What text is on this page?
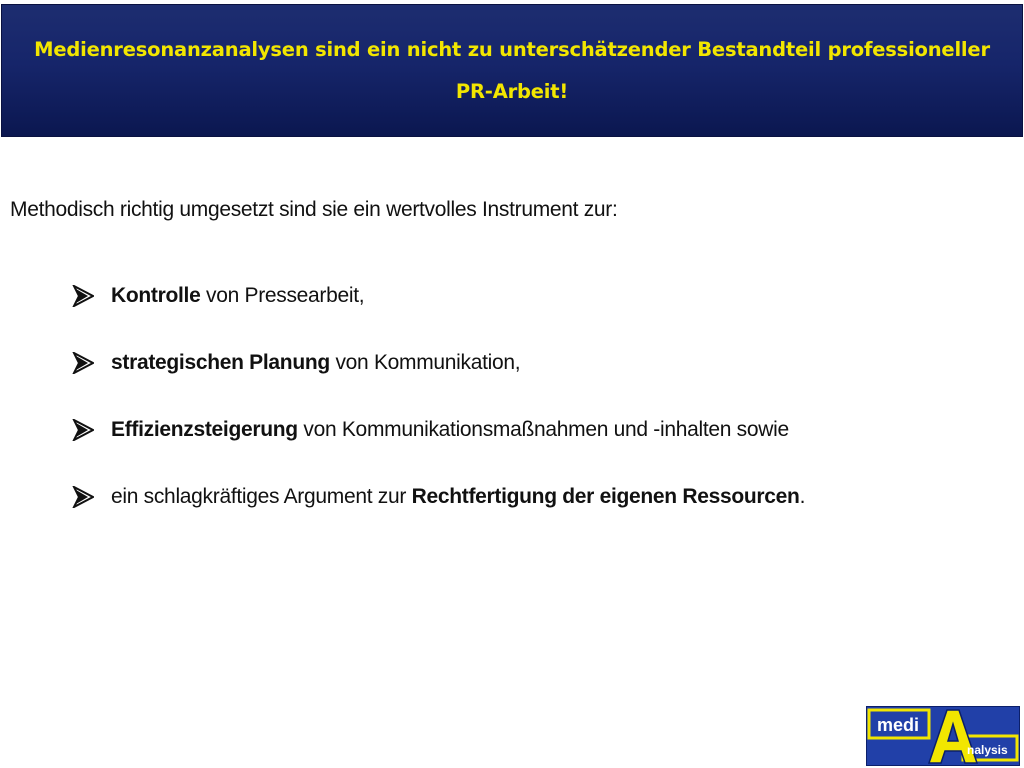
Medienresonanzanalysen sind ein nicht zu unterschätzender Bestandteil professioneller
PR-Arbeit!
Methodisch richtig umgesetzt sind sie ein wertvolles Instrument zur:
Kontrolle von Pressearbeit,
strategischen Planung von Kommunikation,
Effizienzsteigerung von Kommunikationsmaßnahmen und -inhalten sowie
ein schlagkräftiges Argument zur Rechtfertigung der eigenen Ressourcen.
medi
nalysis
